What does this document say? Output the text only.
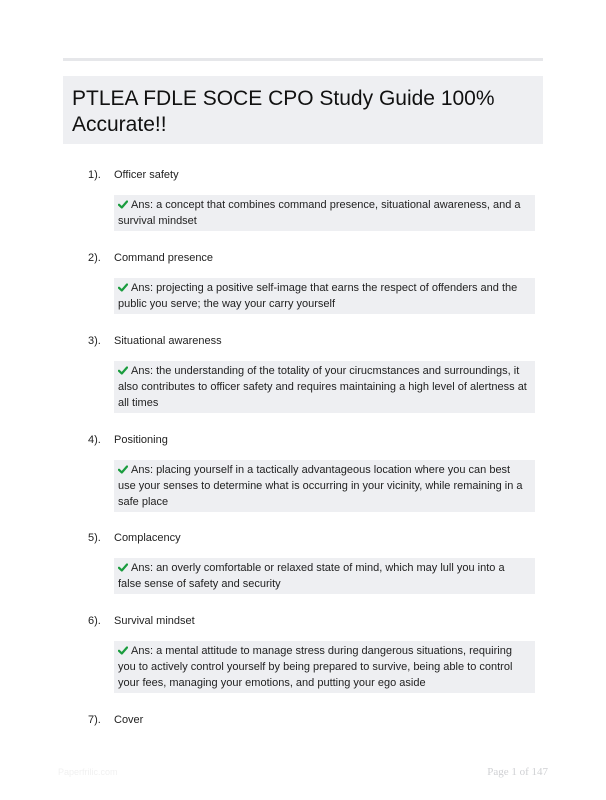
PTLEA FDLE SOCE CPO Study Guide 100% Accurate!!
1).	Officer safety
Ans: a concept that combines command presence, situational awareness, and a survival mindset
2).	Command presence
Ans: projecting a positive self-image that earns the respect of offenders and the public you serve; the way your carry yourself
3).	Situational awareness
Ans: the understanding of the totality of your cirucmstances and surroundings, it also contributes to officer safety and requires maintaining a high level of alertness at all times
4).	Positioning
Ans: placing yourself in a tactically advantageous location where you can best use your senses to determine what is occurring in your vicinity, while remaining in a safe place
5).	Complacency
Ans: an overly comfortable or relaxed state of mind, which may lull you into a false sense of safety and security
6).	Survival mindset
Ans: a mental attitude to manage stress during dangerous situations, requiring you to actively control yourself by being prepared to survive, being able to control your fees, managing your emotions, and putting your ego aside
7).	Cover
Paperfrilic.com	Page 1 of 147
